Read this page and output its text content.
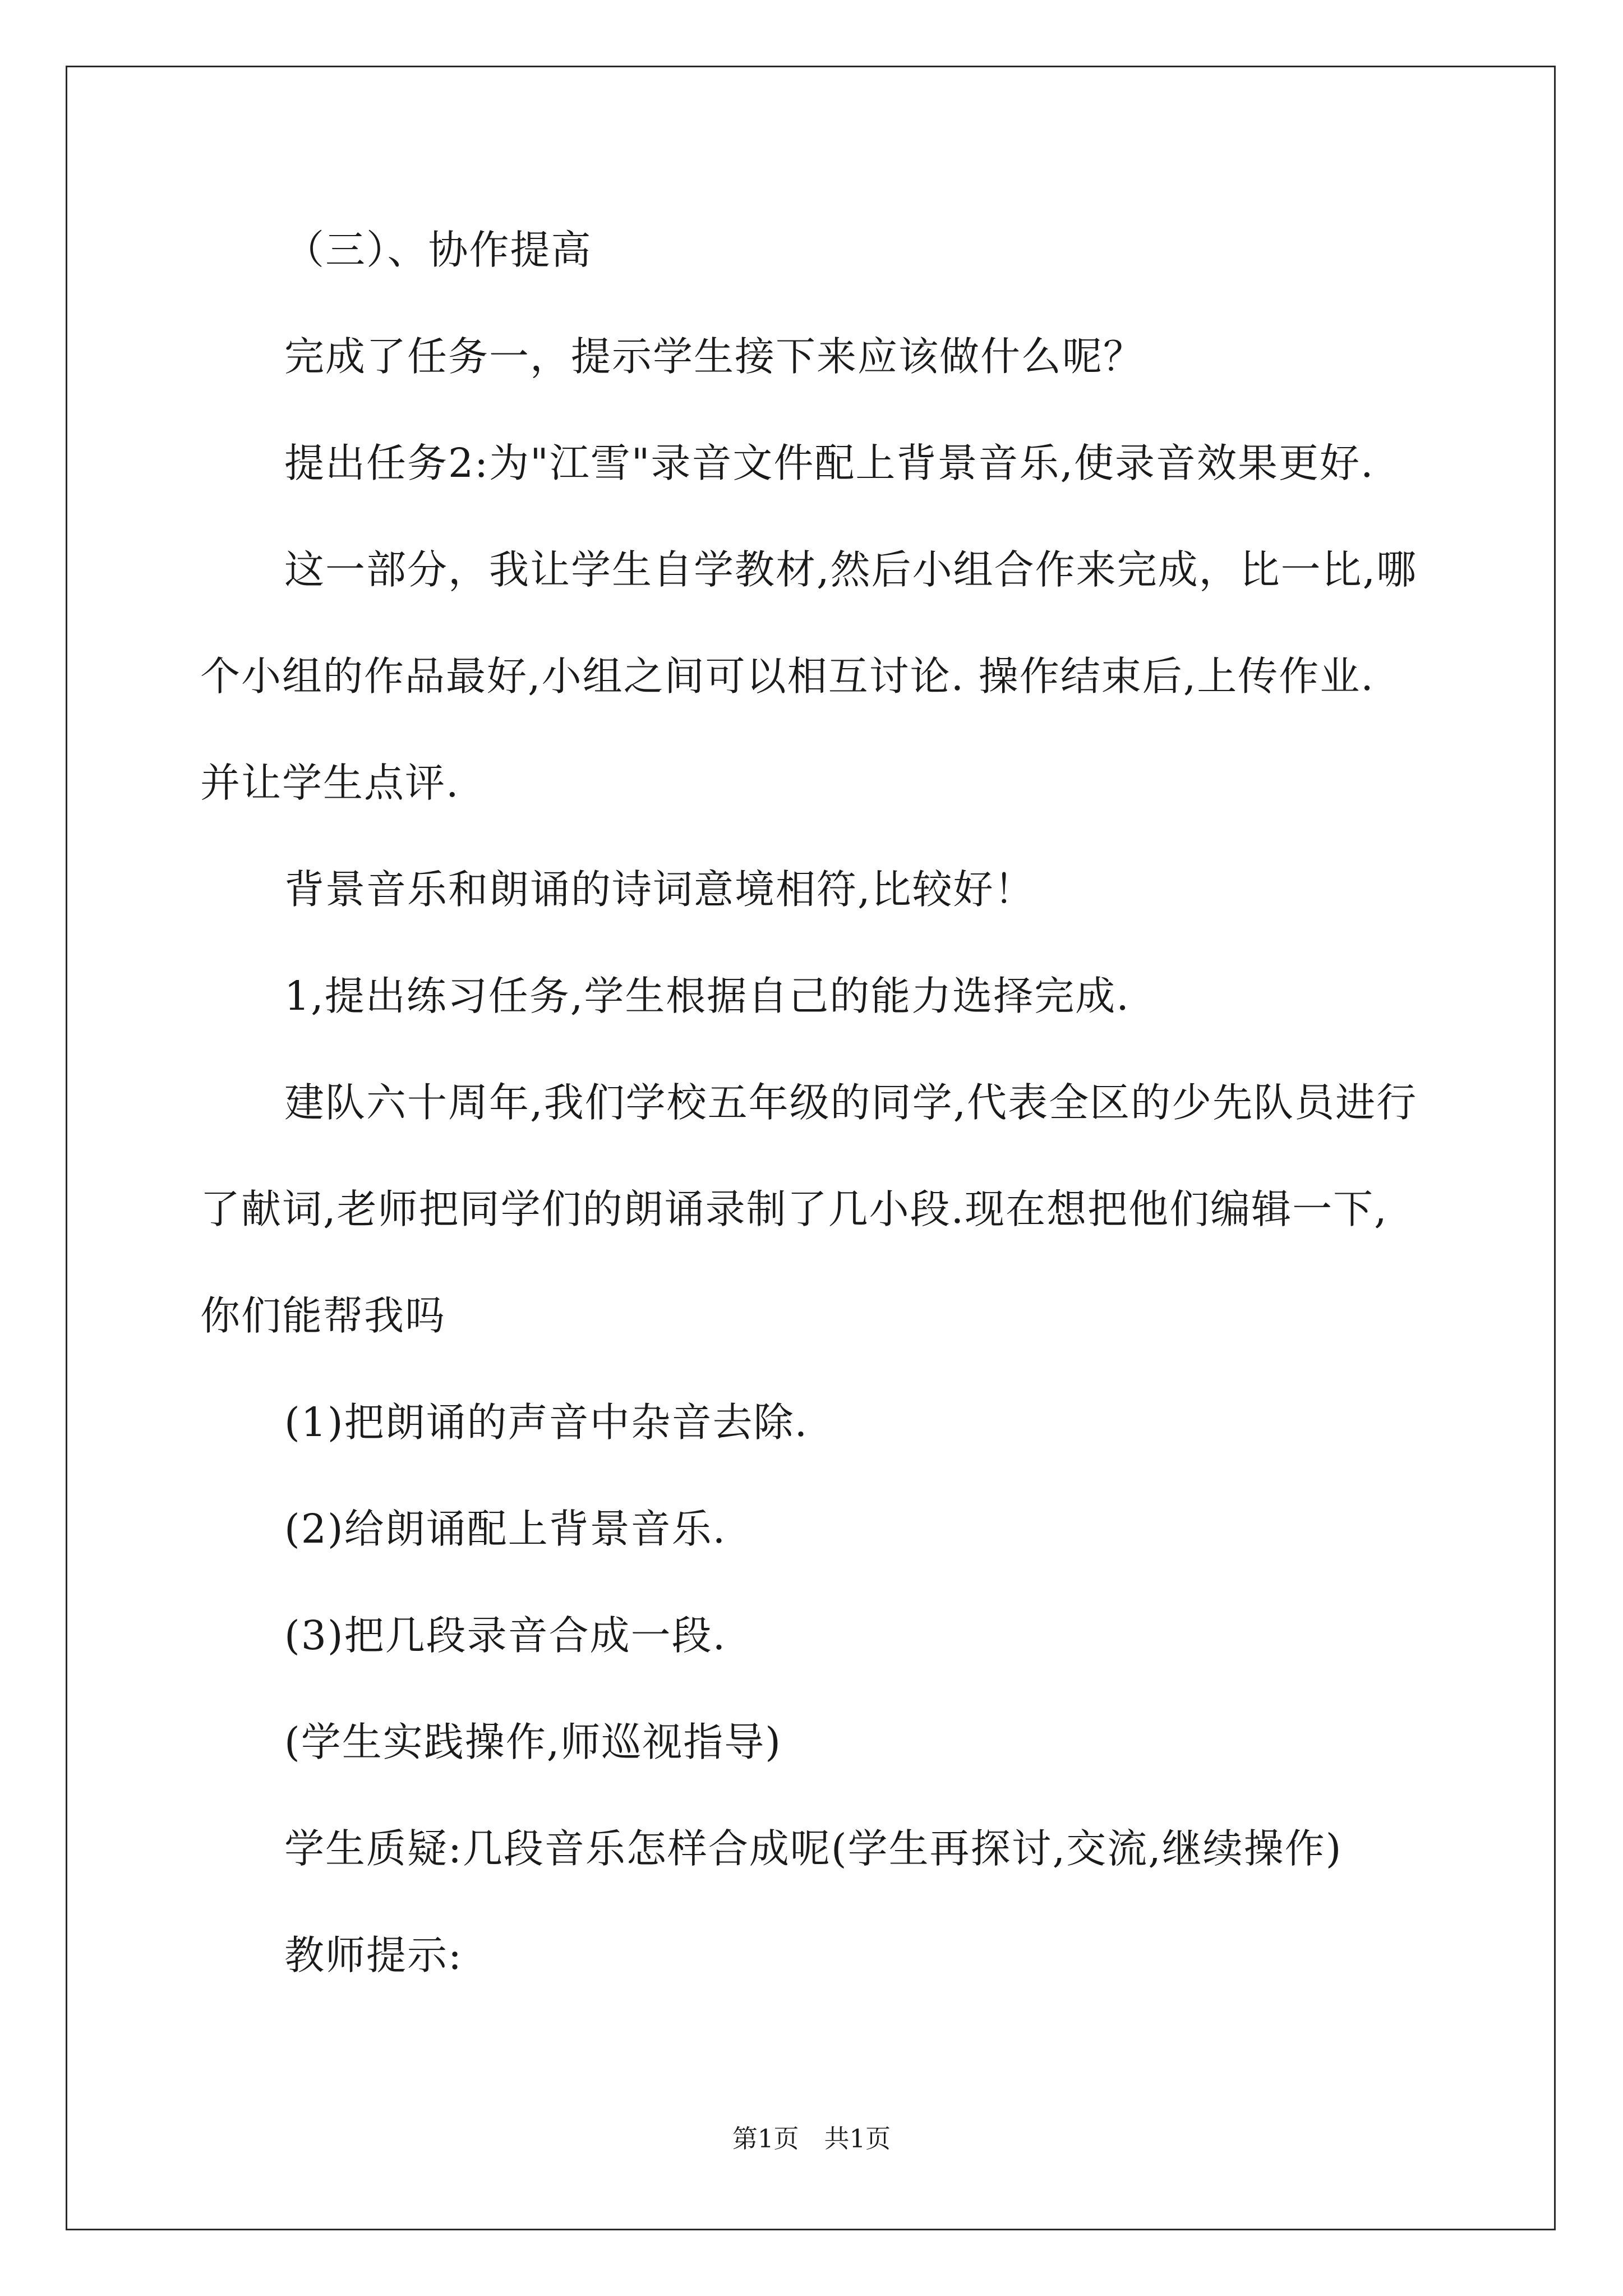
（三）、协作提高
完成了任务一，提示学生接下来应该做什么呢？
提出任务2:为"江雪"录音文件配上背景音乐,使录音效果更好.
这一部分，我让学生自学教材,然后小组合作来完成，比一比,哪
个小组的作品最好,小组之间可以相互讨论. 操作结束后,上传作业.
并让学生点评.
背景音乐和朗诵的诗词意境相符,比较好！
1,提出练习任务,学生根据自己的能力选择完成.
建队六十周年,我们学校五年级的同学,代表全区的少先队员进行
了献词,老师把同学们的朗诵录制了几小段.现在想把他们编辑一下,
你们能帮我吗
(1)把朗诵的声音中杂音去除.
(2)给朗诵配上背景音乐.
(3)把几段录音合成一段.
(学生实践操作,师巡视指导)
学生质疑:几段音乐怎样合成呢(学生再探讨,交流,继续操作)
教师提示:
第1页　共1页
